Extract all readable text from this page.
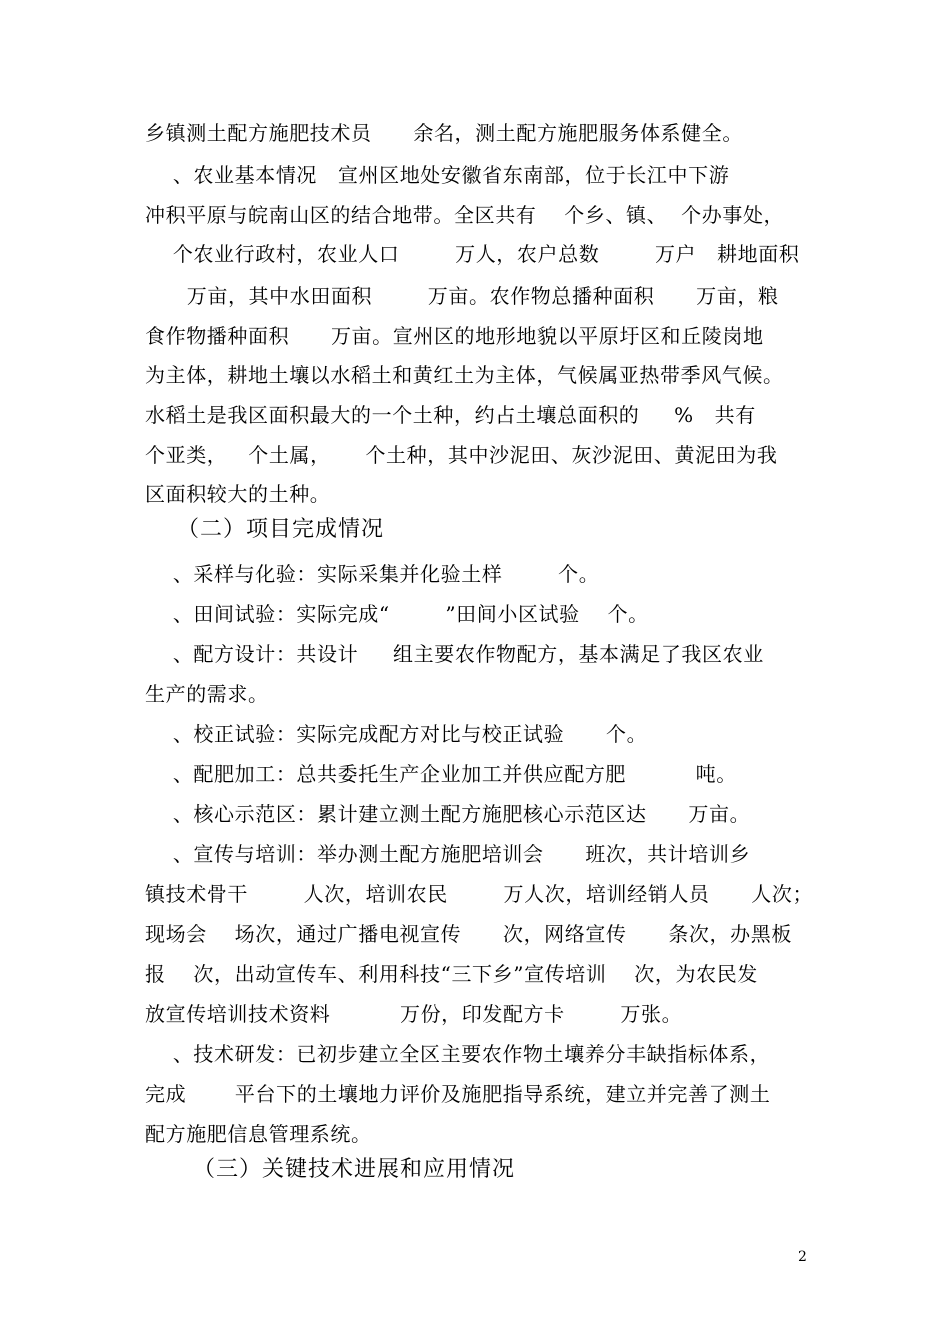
乡镇测土配方施肥技术员      余名，测土配方施肥服务体系健全。
、农业基本情况   宣州区地处安徽省东南部，位于长江中下游
冲积平原与皖南山区的结合地带。全区共有    个乡、镇、  个办事处，
个农业行政村，农业人口        万人，农户总数        万户   耕地面积
万亩，其中水田面积        万亩。农作物总播种面积      万亩，粮
食作物播种面积      万亩。宣州区的地形地貌以平原圩区和丘陵岗地
为主体，耕地土壤以水稻土和黄红土为主体，气候属亚热带季风气候。
水稻土是我区面积最大的一个土种，约占土壤总面积的     %   共有
个亚类，   个土属，     个土种，其中沙泥田、灰沙泥田、黄泥田为我
区面积较大的土种。
（二）项目完成情况
、采样与化验：实际采集并化验土样        个。
、田间试验：实际完成“        ”田间小区试验    个。
、配方设计：共设计     组主要农作物配方，基本满足了我区农业
生产的需求。
、校正试验：实际完成配方对比与校正试验      个。
、配肥加工：总共委托生产企业加工并供应配方肥          吨。
、核心示范区：累计建立测土配方施肥核心示范区达      万亩。
、宣传与培训：举办测土配方施肥培训会      班次，共计培训乡
镇技术骨干        人次，培训农民        万人次，培训经销人员      人次；
现场会    场次，通过广播电视宣传      次，网络宣传      条次，办黑板
报    次，出动宣传车、利用科技“三下乡”宣传培训    次，为农民发
放宣传培训技术资料          万份，印发配方卡        万张。
、技术研发：已初步建立全区主要农作物土壤养分丰缺指标体系，
完成       平台下的土壤地力评价及施肥指导系统，建立并完善了测土
配方施肥信息管理系统。
（三）关键技术进展和应用情况
2
